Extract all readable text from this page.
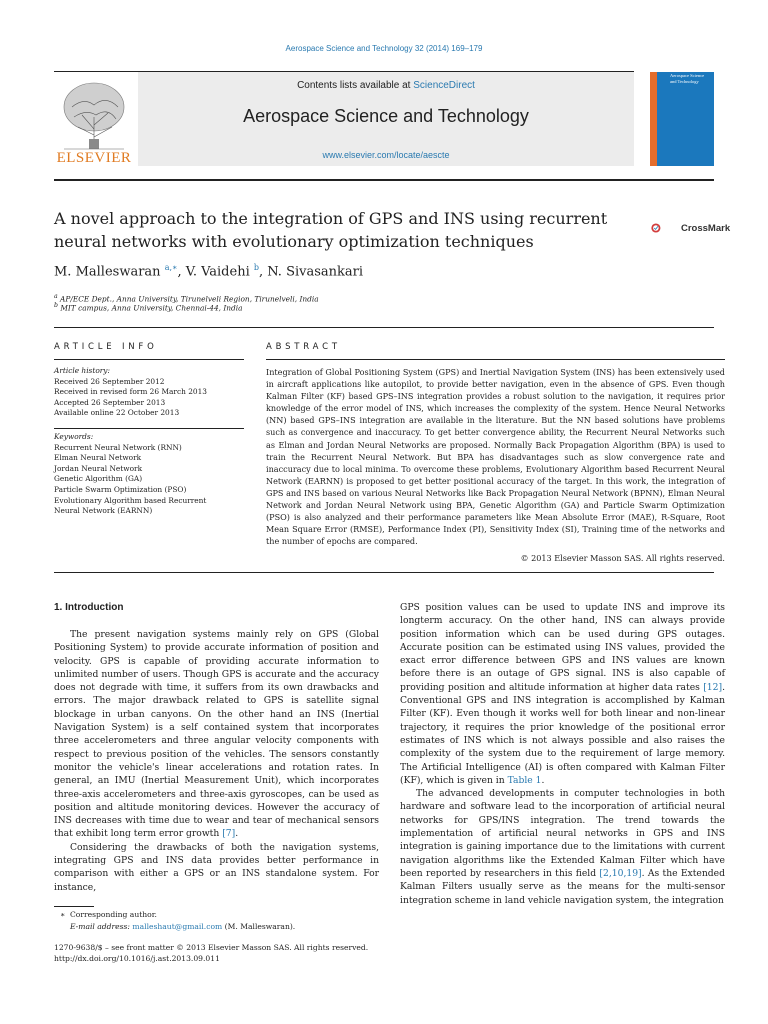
Aerospace Science and Technology 32 (2014) 169–179
ELSEVIER
Contents lists available at ScienceDirect
Aerospace Science and Technology
www.elsevier.com/locate/aescte
Aerospace Science and Technology
A novel approach to the integration of GPS and INS using recurrent
neural networks with evolutionary optimization techniques
CrossMark
M. Malleswaran $^{a,∗}$, V. Vaidehi $^b$, N. Sivasankari
$^a$ AP/ECE Dept., Anna University, Tirunelveli Region, Tirunelveli, India
$^b$ MIT campus, Anna University, Chennai-44, India
ARTICLE INFO
Article history:
Received 26 September 2012
Received in revised form 26 March 2013
Accepted 26 September 2013
Available online 22 October 2013
Keywords:
Recurrent Neural Network (RNN)
Elman Neural Network
Jordan Neural Network
Genetic Algorithm (GA)
Particle Swarm Optimization (PSO)
Evolutionary Algorithm based Recurrent
Neural Network (EARNN)
ABSTRACT
Integration of Global Positioning System (GPS) and Inertial Navigation System (INS) has been extensively used in aircraft applications like autopilot, to provide better navigation, even in the absence of GPS. Even though Kalman Filter (KF) based GPS–INS integration provides a robust solution to the navigation, it requires prior knowledge of the error model of INS, which increases the complexity of the system. Hence Neural Networks (NN) based GPS–INS integration are available in the literature. But the NN based solutions have problems such as convergence and inaccuracy. To get better convergence ability, the Recurrent Neural Networks such as Elman and Jordan Neural Networks are proposed. Normally Back Propagation Algorithm (BPA) is used to train the Recurrent Neural Network. But BPA has disadvantages such as slow convergence rate and inaccuracy due to local minima. To overcome these problems, Evolutionary Algorithm based Recurrent Neural Network (EARNN) is proposed to get better positional accuracy of the target. In this work, the integration of GPS and INS based on various Neural Networks like Back Propagation Neural Network (BPNN), Elman Neural Network and Jordan Neural Network using BPA, Genetic Algorithm (GA) and Particle Swarm Optimization (PSO) is also analyzed and their performance parameters like Mean Absolute Error (MAE), R-Square, Root Mean Square Error (RMSE), Performance Index (PI), Sensitivity Index (SI), Training time of the networks and the number of epochs are compared.
© 2013 Elsevier Masson SAS. All rights reserved.
1. Introduction

The present navigation systems mainly rely on GPS (Global Positioning System) to provide accurate information of position and velocity. GPS is capable of providing accurate information to unlimited number of users. Though GPS is accurate and the accuracy does not degrade with time, it suffers from its own drawbacks and errors. The major drawback related to GPS is satellite signal blockage in urban canyons. On the other hand an INS (Inertial Navigation System) is a self contained system that incorporates three accelerometers and three angular velocity components with respect to previous position of the vehicles. The sensors constantly monitor the vehicle's linear accelerations and rotation rates. In general, an IMU (Inertial Measurement Unit), which incorporates three-axis accelerometers and three-axis gyroscopes, can be used as position and altitude monitoring devices. However the accuracy of INS decreases with time due to wear and tear of mechanical sensors that exhibit long term error growth [7].

Considering the drawbacks of both the navigation systems, integrating GPS and INS data provides better performance in comparison with either a GPS or an INS standalone system. For instance,

GPS position values can be used to update INS and improve its longterm accuracy. On the other hand, INS can always provide position information which can be used during GPS outages. Accurate position can be estimated using INS values, provided the exact error difference between GPS and INS values are known before there is an outage of GPS signal. INS is also capable of providing position and altitude information at higher data rates [12]. Conventional GPS and INS integration is accomplished by Kalman Filter (KF). Even though it works well for both linear and non-linear trajectory, it requires the prior knowledge of the positional error estimates of INS which is not always possible and also raises the complexity of the system due to the requirement of large memory. The Artificial Intelligence (AI) is often compared with Kalman Filter (KF), which is given in Table 1.

The advanced developments in computer technologies in both hardware and software lead to the incorporation of artificial neural networks for GPS/INS integration. The trend towards the implementation of artificial neural networks in GPS and INS integration is gaining importance due to the limitations with current navigation algorithms like the Extended Kalman Filter which have been reported by researchers in this field [2,10,19]. As the Extended Kalman Filters usually serve as the means for the multi-sensor integration scheme in land vehicle navigation system, the integration

∗ Corresponding author.
E-mail address: malleshaut@gmail.com (M. Malleswaran).
1270-9638/$ – see front matter © 2013 Elsevier Masson SAS. All rights reserved.
http://dx.doi.org/10.1016/j.ast.2013.09.011
